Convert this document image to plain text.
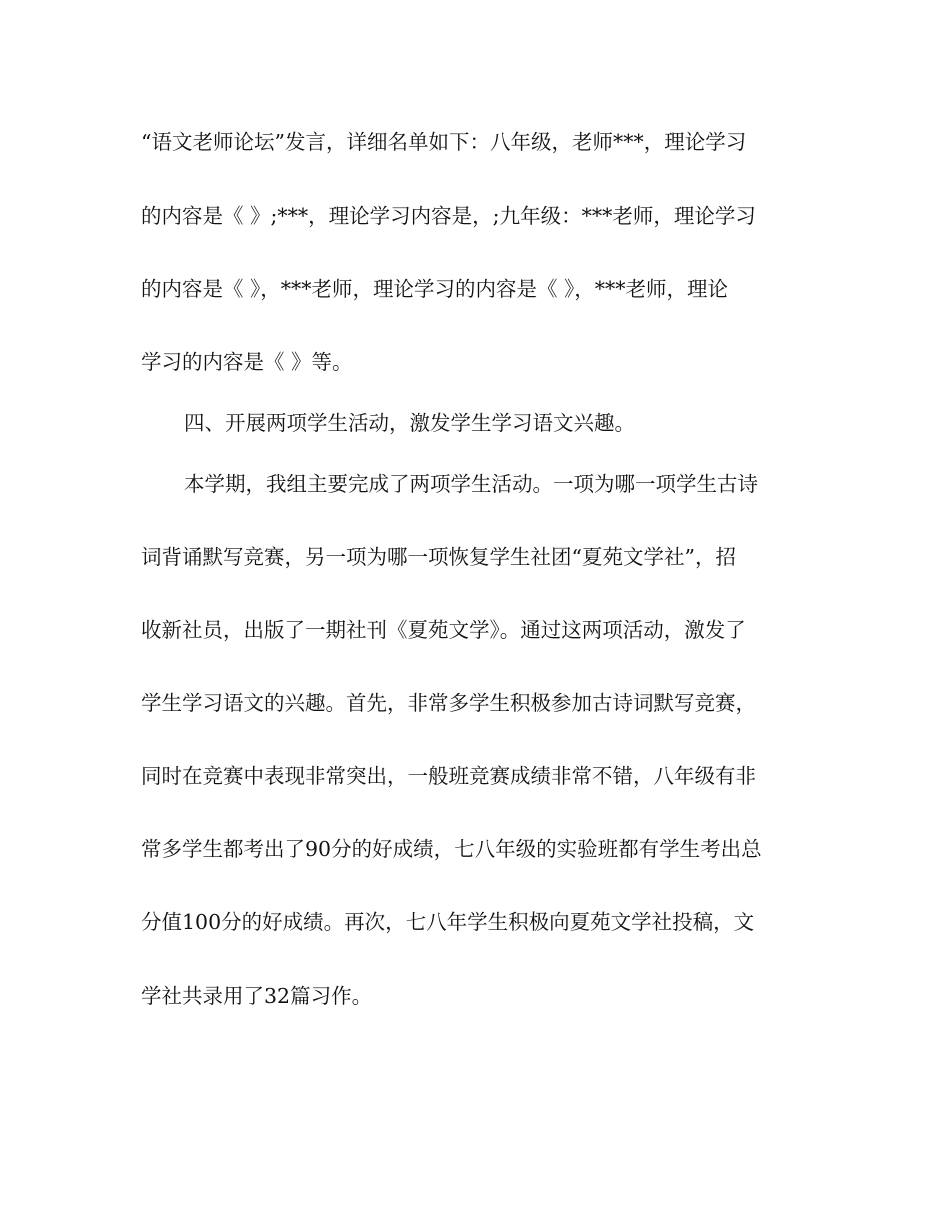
“语文老师论坛”发言，详细名单如下：八年级，老师***，理论学习
的内容是《 》;***，理论学习内容是，;九年级：***老师，理论学习
的内容是《 》，***老师，理论学习的内容是《 》，***老师，理论
学习的内容是《 》等。
四、开展两项学生活动，激发学生学习语文兴趣。
本学期，我组主要完成了两项学生活动。一项为哪一项学生古诗
词背诵默写竞赛，另一项为哪一项恢复学生社团“夏苑文学社”，招
收新社员，出版了一期社刊《夏苑文学》。通过这两项活动，激发了
学生学习语文的兴趣。首先，非常多学生积极参加古诗词默写竞赛，
同时在竞赛中表现非常突出，一般班竞赛成绩非常不错，八年级有非
常多学生都考出了90分的好成绩，七八年级的实验班都有学生考出总
分值100分的好成绩。再次，七八年学生积极向夏苑文学社投稿，文
学社共录用了32篇习作。
